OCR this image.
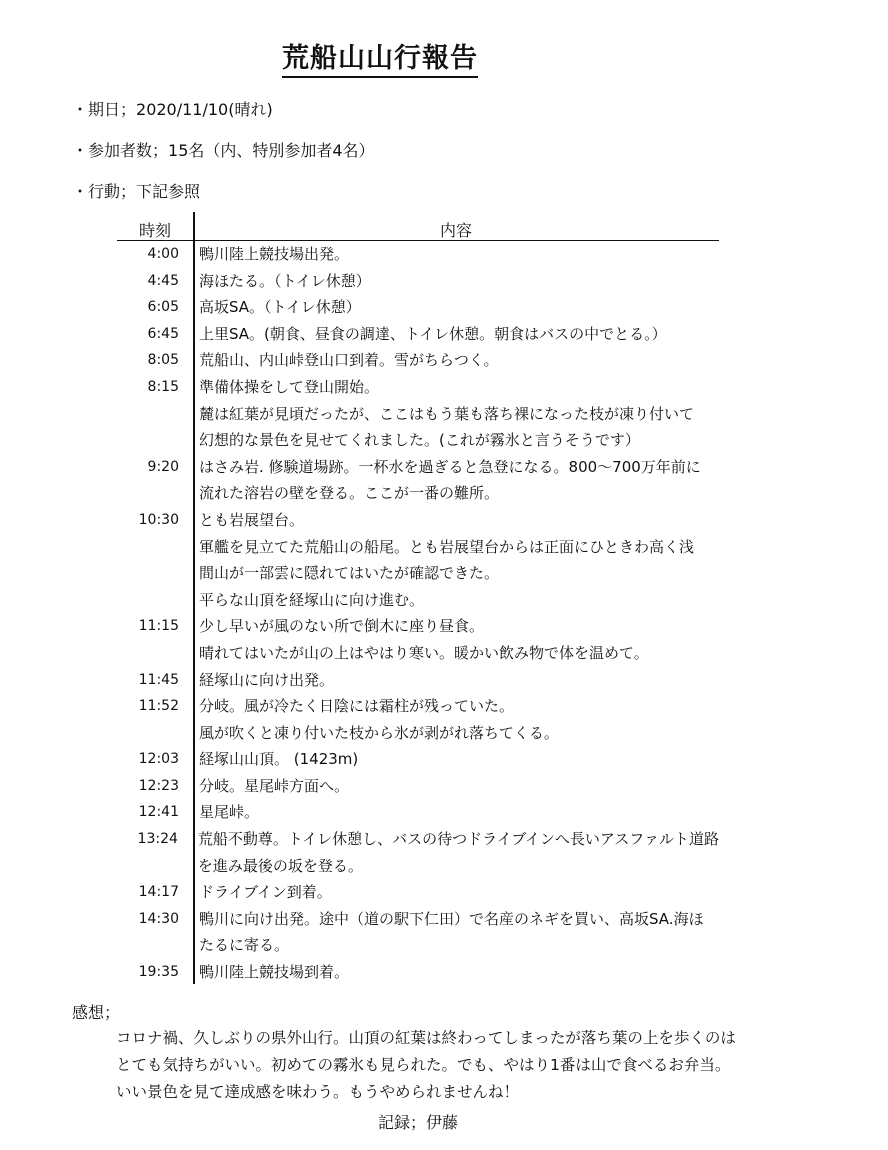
荒船山山行報告
・ 期日；2020/11/10(晴れ)
・ 参加者数；15名（内、特別参加者4名）
・ 行動；下記参照
時刻	内容
4:00	鴨川陸上競技場出発。
4:45	海ほたる。（トイレ休憩）
6:05	高坂SA。（トイレ休憩）
6:45	上里SA。(朝食、昼食の調達、トイレ休憩。朝食はバスの中でとる。）
8:05	荒船山、内山峠登山口到着。雪がちらつく。
8:15	準備体操をして登山開始。
麓は紅葉が見頃だったが、ここはもう葉も落ち裸になった枝が凍り付いて
幻想的な景色を見せてくれました。(これが霧氷と言うそうです）
9:20	はさみ岩. 修験道場跡。一杯水を過ぎると急登になる。800～700万年前に
流れた溶岩の壁を登る。ここが一番の難所。
10:30	とも岩展望台。
軍艦を見立てた荒船山の船尾。とも岩展望台からは正面にひときわ高く浅
間山が一部雲に隠れてはいたが確認できた。
平らな山頂を経塚山に向け進む。
11:15	少し早いが風のない所で倒木に座り昼食。
晴れてはいたが山の上はやはり寒い。暖かい飲み物で体を温めて。
11:45	経塚山に向け出発。
11:52	分岐。風が冷たく日陰には霜柱が残っていた。
風が吹くと凍り付いた枝から氷が剥がれ落ちてくる。
12:03	経塚山山頂。 (1423m)
12:23	分岐。星尾峠方面へ。
12:41	星尾峠。
13:24	荒船不動尊。トイレ休憩し、バスの待つドライブインへ長いアスファルト道路
を進み最後の坂を登る。
14:17	ドライブイン到着。
14:30	鴨川に向け出発。途中（道の駅下仁田）で名産のネギを買い、高坂SA.海ほ
たるに寄る。
19:35	鴨川陸上競技場到着。
感想；
コロナ禍、久しぶりの県外山行。山頂の紅葉は終わってしまったが落ち葉の上を歩くのは
とても気持ちがいい。初めての霧氷も見られた。でも、やはり1番は山で食べるお弁当。
いい景色を見て達成感を味わう。もうやめられませんね！
記録；伊藤
